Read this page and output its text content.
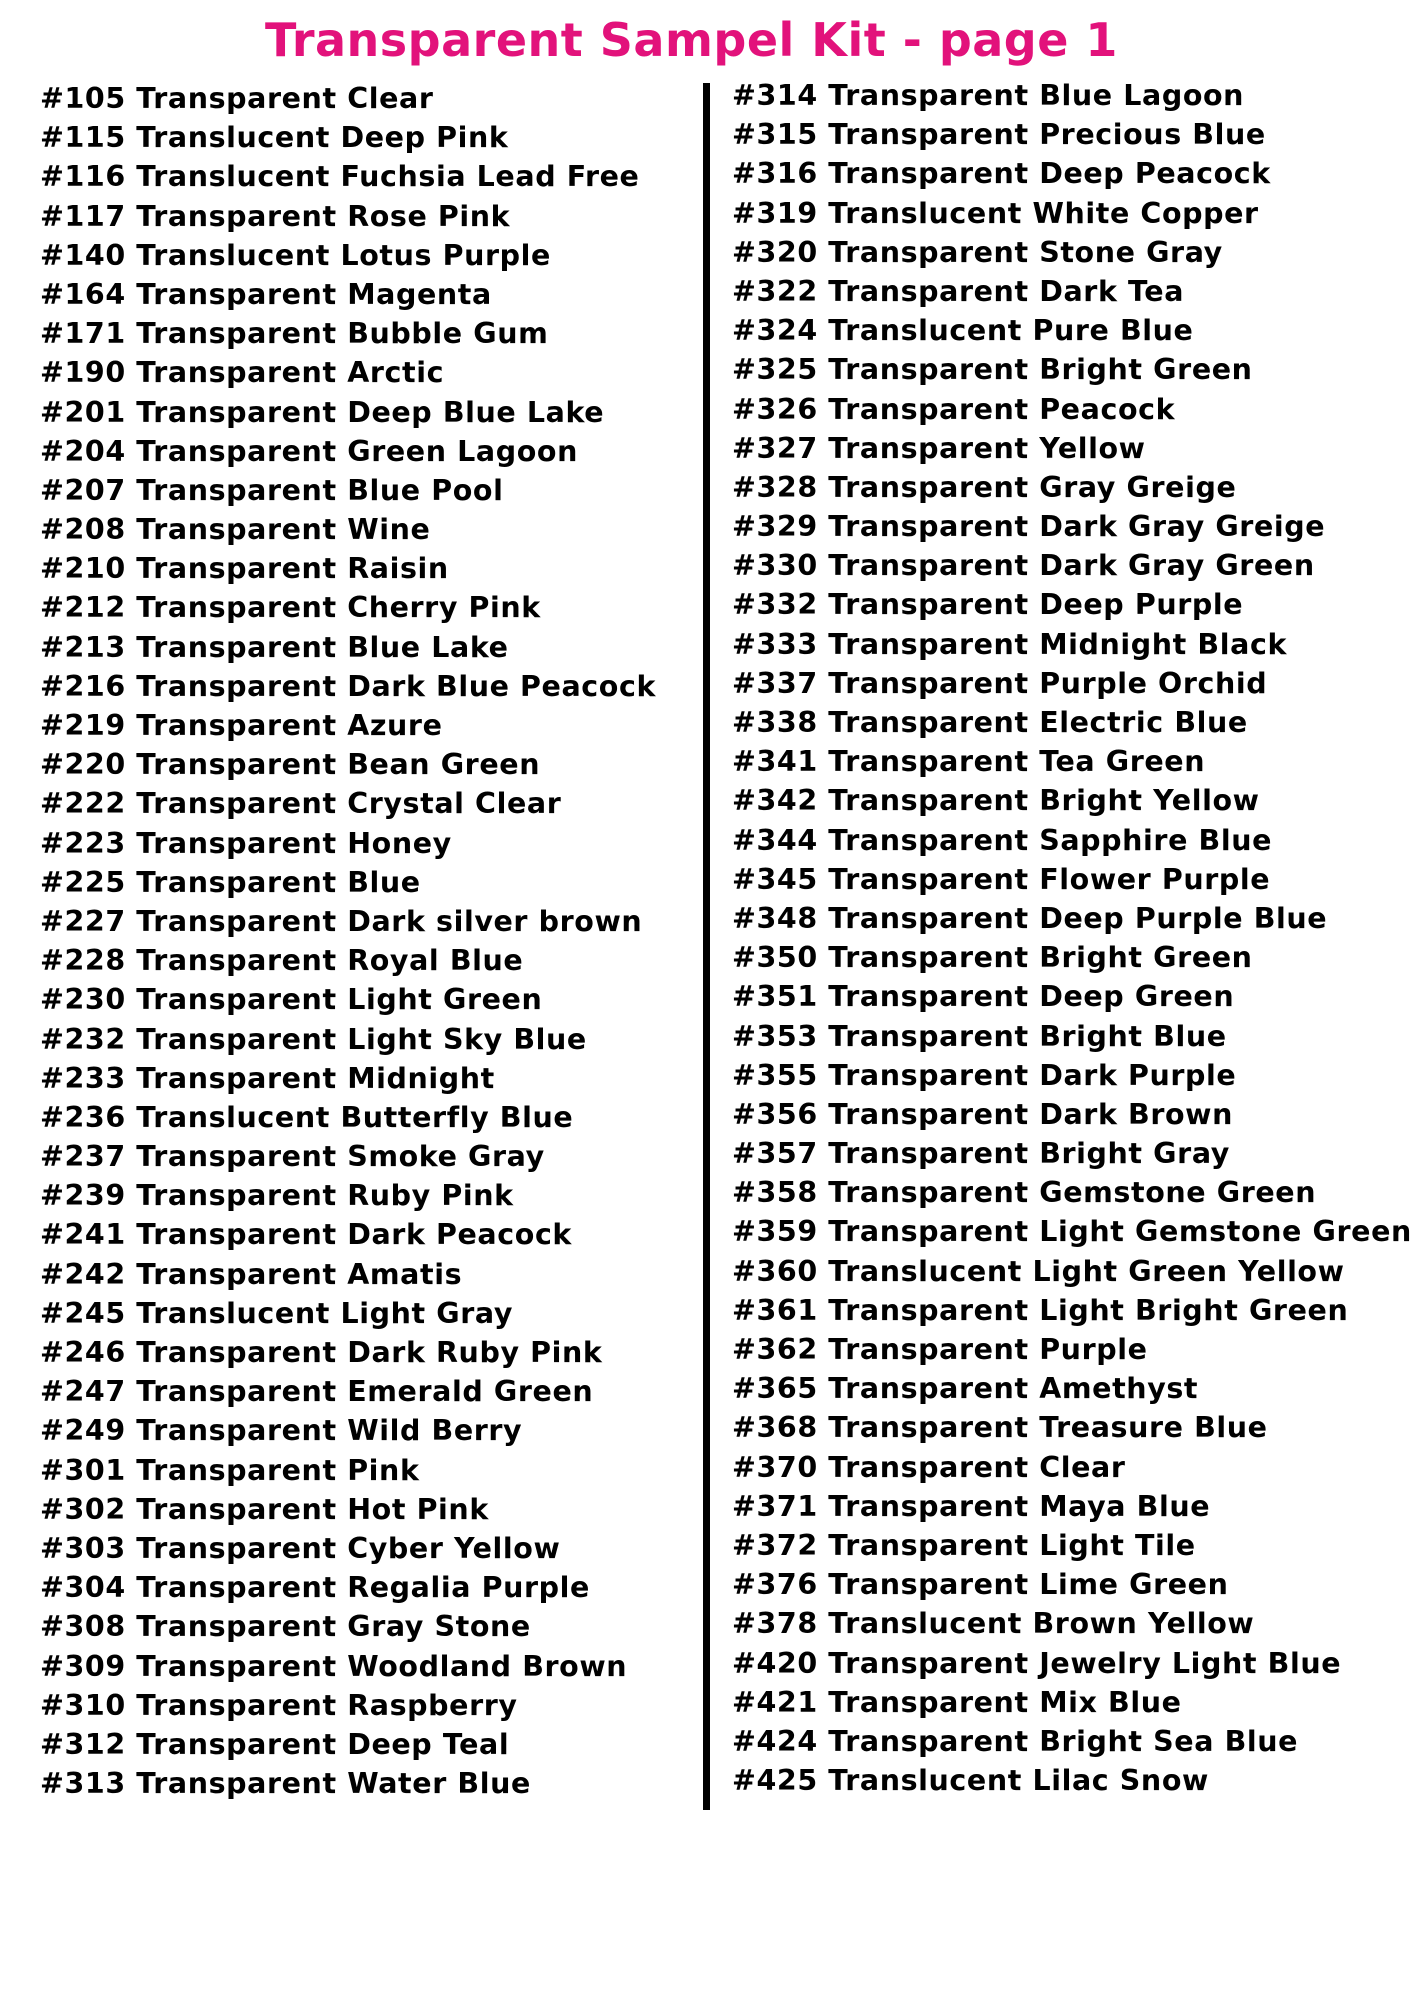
Transparent Sampel Kit - page 1
#105 Transparent Clear
#115 Translucent Deep Pink
#116 Translucent Fuchsia Lead Free
#117 Transparent Rose Pink
#140 Translucent Lotus Purple
#164 Transparent Magenta
#171 Transparent Bubble Gum
#190 Transparent Arctic
#201 Transparent Deep Blue Lake
#204 Transparent Green Lagoon
#207 Transparent Blue Pool
#208 Transparent Wine
#210 Transparent Raisin
#212 Transparent Cherry Pink
#213 Transparent Blue Lake
#216 Transparent Dark Blue Peacock
#219 Transparent Azure
#220 Transparent Bean Green
#222 Transparent Crystal Clear
#223 Transparent Honey
#225 Transparent Blue
#227 Transparent Dark silver brown
#228 Transparent Royal Blue
#230 Transparent Light Green
#232 Transparent Light Sky Blue
#233 Transparent Midnight
#236 Translucent Butterfly Blue
#237 Transparent Smoke Gray
#239 Transparent Ruby Pink
#241 Transparent Dark Peacock
#242 Transparent Amatis
#245 Translucent Light Gray
#246 Transparent Dark Ruby Pink
#247 Transparent Emerald Green
#249 Transparent Wild Berry
#301 Transparent Pink
#302 Transparent Hot Pink
#303 Transparent Cyber Yellow
#304 Transparent Regalia Purple
#308 Transparent Gray Stone
#309 Transparent Woodland Brown
#310 Transparent Raspberry
#312 Transparent Deep Teal
#313 Transparent Water Blue
#314 Transparent Blue Lagoon
#315 Transparent Precious Blue
#316 Transparent Deep Peacock
#319 Translucent White Copper
#320 Transparent Stone Gray
#322 Transparent Dark Tea
#324 Translucent Pure Blue
#325 Transparent Bright Green
#326 Transparent Peacock
#327 Transparent Yellow
#328 Transparent Gray Greige
#329 Transparent Dark Gray Greige
#330 Transparent Dark Gray Green
#332 Transparent Deep Purple
#333 Transparent Midnight Black
#337 Transparent Purple Orchid
#338 Transparent Electric Blue
#341 Transparent Tea Green
#342 Transparent Bright Yellow
#344 Transparent Sapphire Blue
#345 Transparent Flower Purple
#348 Transparent Deep Purple Blue
#350 Transparent Bright Green
#351 Transparent Deep Green
#353 Transparent Bright Blue
#355 Transparent Dark Purple
#356 Transparent Dark Brown
#357 Transparent Bright Gray
#358 Transparent Gemstone Green
#359 Transparent Light Gemstone Green
#360 Translucent Light Green Yellow
#361 Transparent Light Bright Green
#362 Transparent Purple
#365 Transparent Amethyst
#368 Transparent Treasure Blue
#370 Transparent Clear
#371 Transparent Maya Blue
#372 Transparent Light Tile
#376 Transparent Lime Green
#378 Translucent Brown Yellow
#420 Transparent Jewelry Light Blue
#421 Transparent Mix Blue
#424 Transparent Bright Sea Blue
#425 Translucent Lilac Snow
